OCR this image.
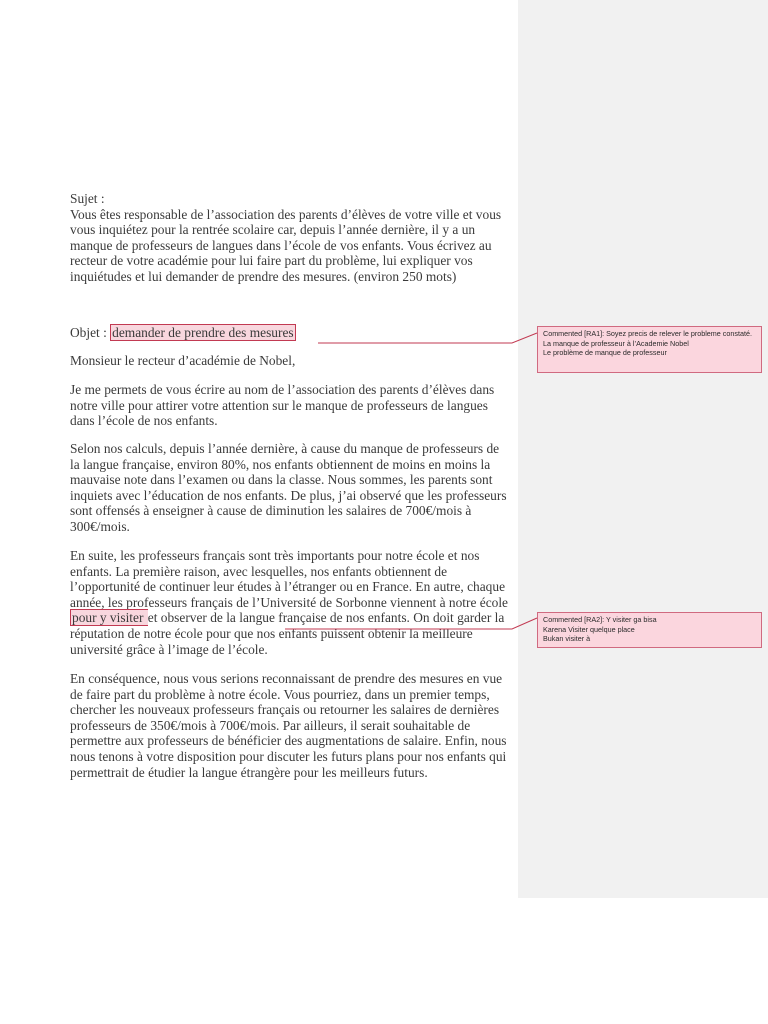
Sujet :
Vous êtes responsable de l’association des parents d’élèves de votre ville et vous vous inquiétez pour la rentrée scolaire car, depuis l’année dernière, il y a un manque de professeurs de langues dans l’école de vos enfants. Vous écrivez au recteur de votre académie pour lui faire part du problème, lui expliquer vos inquiétudes et lui demander de prendre des mesures. (environ 250 mots)
Objet : demander de prendre des mesures
Monsieur le recteur d’académie de Nobel,
Je me permets de vous écrire au nom de l’association des parents d’élèves dans notre ville pour attirer votre attention sur le manque de professeurs de langues dans l’école de nos enfants.
Selon nos calculs, depuis l’année dernière, à cause du manque de professeurs de la langue française, environ 80%, nos enfants obtiennent de moins en moins la mauvaise note dans l’examen ou dans la classe. Nous sommes, les parents sont inquiets avec l’éducation de nos enfants. De plus, j’ai observé que les professeurs sont offensés à enseigner à cause de diminution les salaires de 700€/mois à 300€/mois.
En suite, les professeurs français sont très importants pour notre école et nos enfants. La première raison, avec lesquelles, nos enfants obtiennent de l’opportunité de continuer leur études à l’étranger ou en France. En autre, chaque année, les professeurs français de l’Université de Sorbonne viennent à notre école pour y visiter et observer de la langue française de nos enfants. On doit garder la réputation de notre école pour que nos enfants puissent obtenir la meilleure université grâce à l’image de l’école.
En conséquence, nous vous serions reconnaissant de prendre des mesures en vue de faire part du problème à notre école. Vous pourriez, dans un premier temps, chercher les nouveaux professeurs français ou retourner les salaires de dernières professeurs de 350€/mois à 700€/mois. Par ailleurs, il serait souhaitable de permettre aux professeurs de bénéficier des augmentations de salaire. Enfin, nous nous tenons à votre disposition pour discuter les futurs plans pour nos enfants qui permettrait de étudier la langue étrangère pour les meilleurs futurs.
Commented [RA1]: Soyez precis de relever le probleme constaté.
La manque de professeur à l’Academie Nobel
Le problème de manque de professeur
Commented [RA2]: Y visiter ga bisa
Karena Visiter quelque place
Bukan visiter à
